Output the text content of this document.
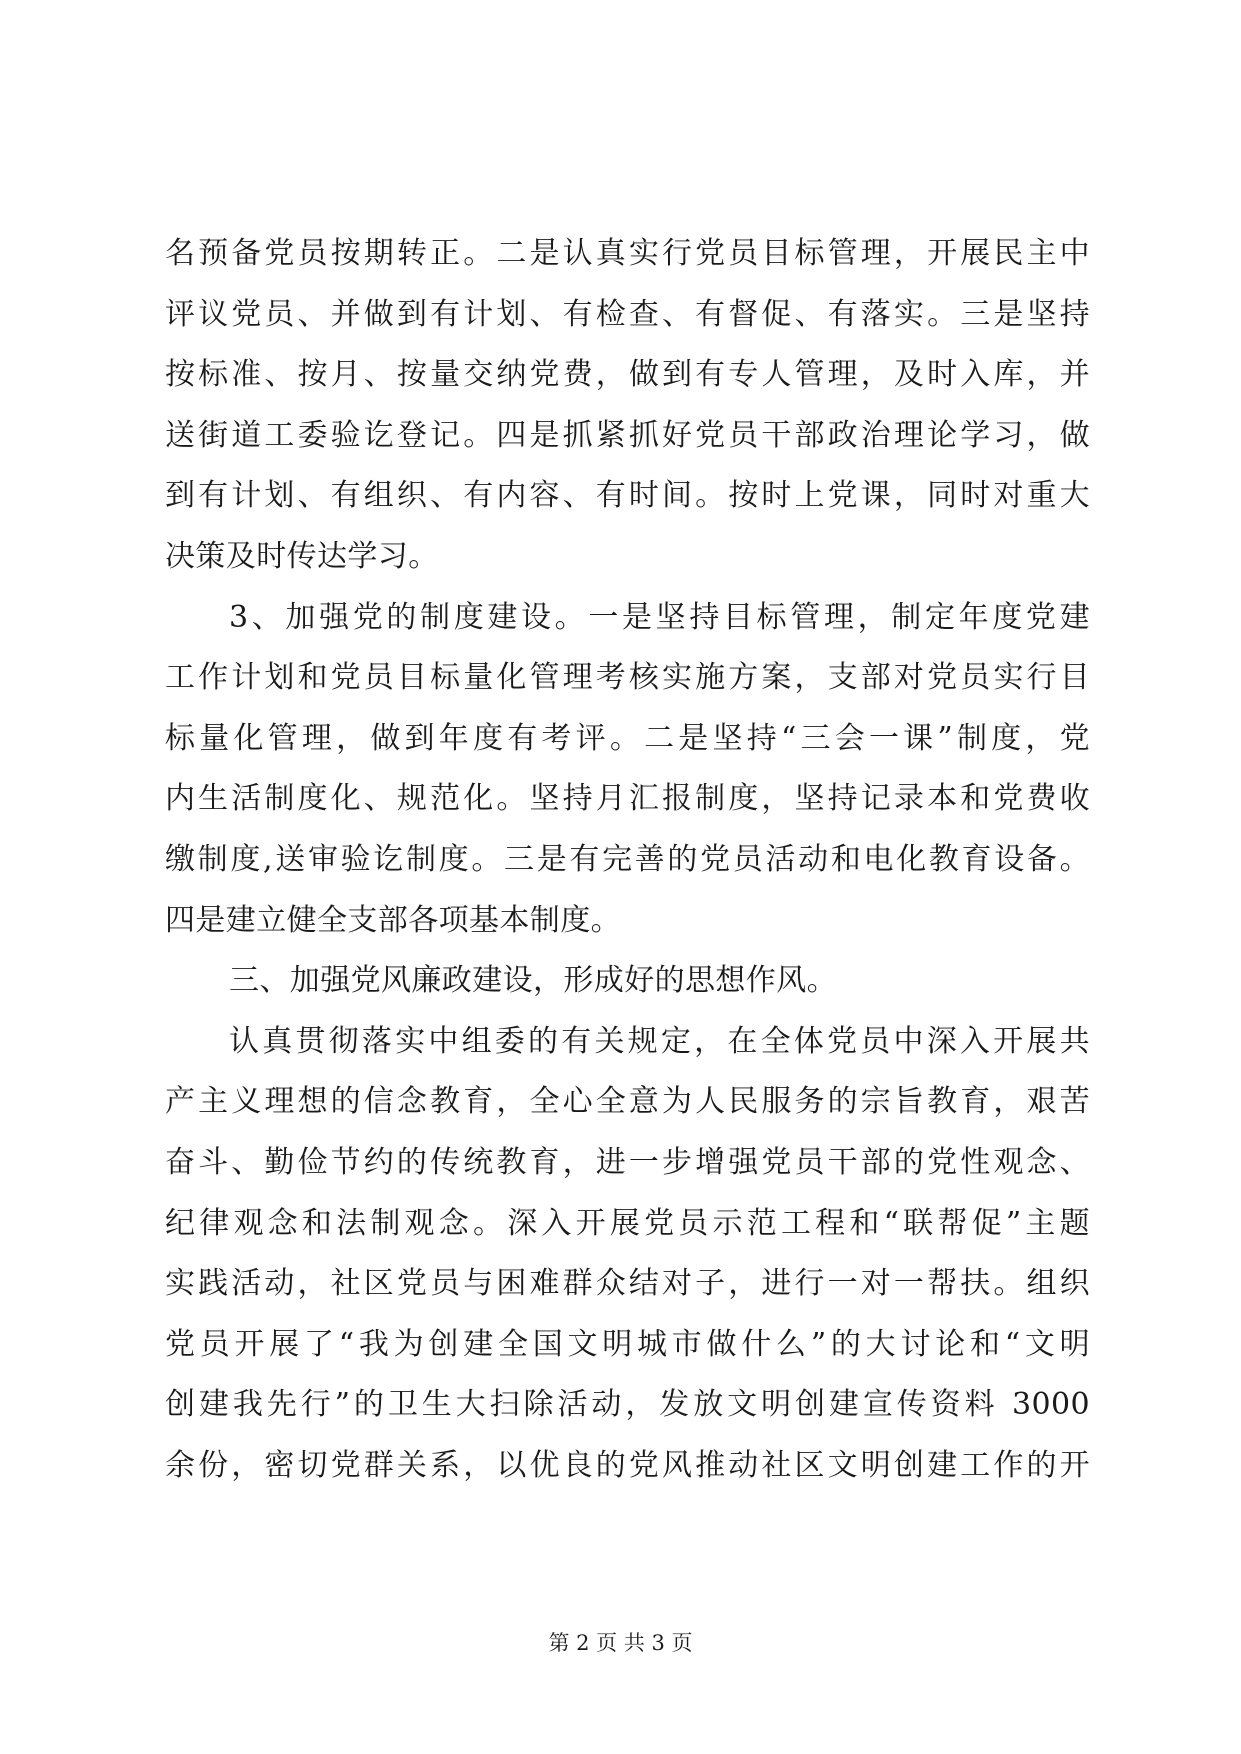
名预备党员按期转正。二是认真实行党员目标管理，开展民主中
评议党员、并做到有计划、有检查、有督促、有落实。三是坚持
按标准、按月、按量交纳党费，做到有专人管理，及时入库，并
送街道工委验讫登记。四是抓紧抓好党员干部政治理论学习，做
到有计划、有组织、有内容、有时间。按时上党课，同时对重大
决策及时传达学习。
3、加强党的制度建设。一是坚持目标管理，制定年度党建
工作计划和党员目标量化管理考核实施方案，支部对党员实行目
标量化管理，做到年度有考评。二是坚持“三会一课”制度，党
内生活制度化、规范化。坚持月汇报制度，坚持记录本和党费收
缴制度,送审验讫制度。三是有完善的党员活动和电化教育设备。
四是建立健全支部各项基本制度。
三、加强党风廉政建设，形成好的思想作风。
认真贯彻落实中组委的有关规定，在全体党员中深入开展共
产主义理想的信念教育，全心全意为人民服务的宗旨教育，艰苦
奋斗、勤俭节约的传统教育，进一步增强党员干部的党性观念、
纪律观念和法制观念。深入开展党员示范工程和“联帮促”主题
实践活动，社区党员与困难群众结对子，进行一对一帮扶。组织
党员开展了“我为创建全国文明城市做什么”的大讨论和“文明
创建我先行”的卫生大扫除活动，发放文明创建宣传资料 3000
余份，密切党群关系，以优良的党风推动社区文明创建工作的开
第 2 页 共 3 页
